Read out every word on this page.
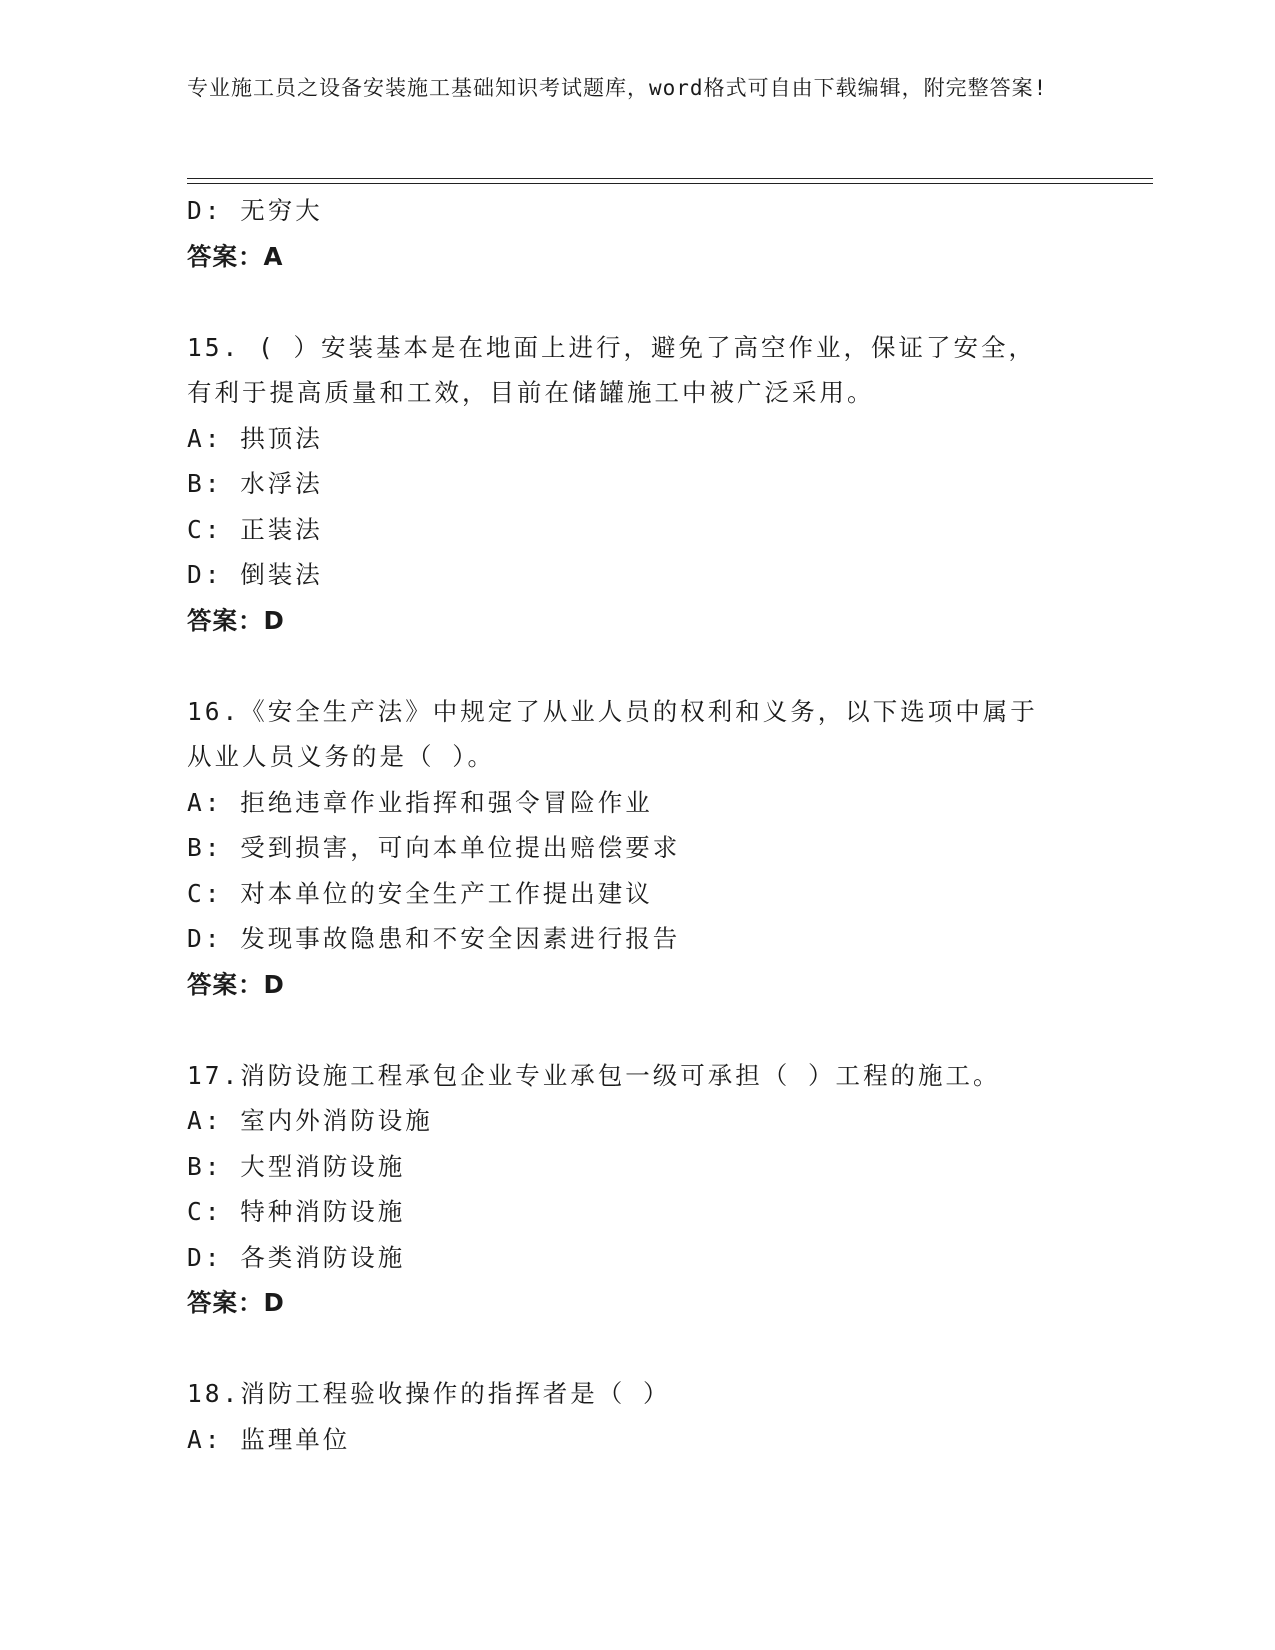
专业施工员之设备安装施工基础知识考试题库，word格式可自由下载编辑，附完整答案!

D: 无穷大
答案：A
15. ( ）安装基本是在地面上进行，避免了高空作业，保证了安全，
有利于提高质量和工效，目前在储罐施工中被广泛采用。
A: 拱顶法
B: 水浮法
C: 正装法
D: 倒装法
答案：D
16.《安全生产法》中规定了从业人员的权利和义务，以下选项中属于
从业人员义务的是（ ）。
A: 拒绝违章作业指挥和强令冒险作业
B: 受到损害，可向本单位提出赔偿要求
C: 对本单位的安全生产工作提出建议
D: 发现事故隐患和不安全因素进行报告
答案：D
17.消防设施工程承包企业专业承包一级可承担（ ）工程的施工。
A: 室内外消防设施
B: 大型消防设施
C: 特种消防设施
D: 各类消防设施
答案：D
18.消防工程验收操作的指挥者是（ ）
A: 监理单位
